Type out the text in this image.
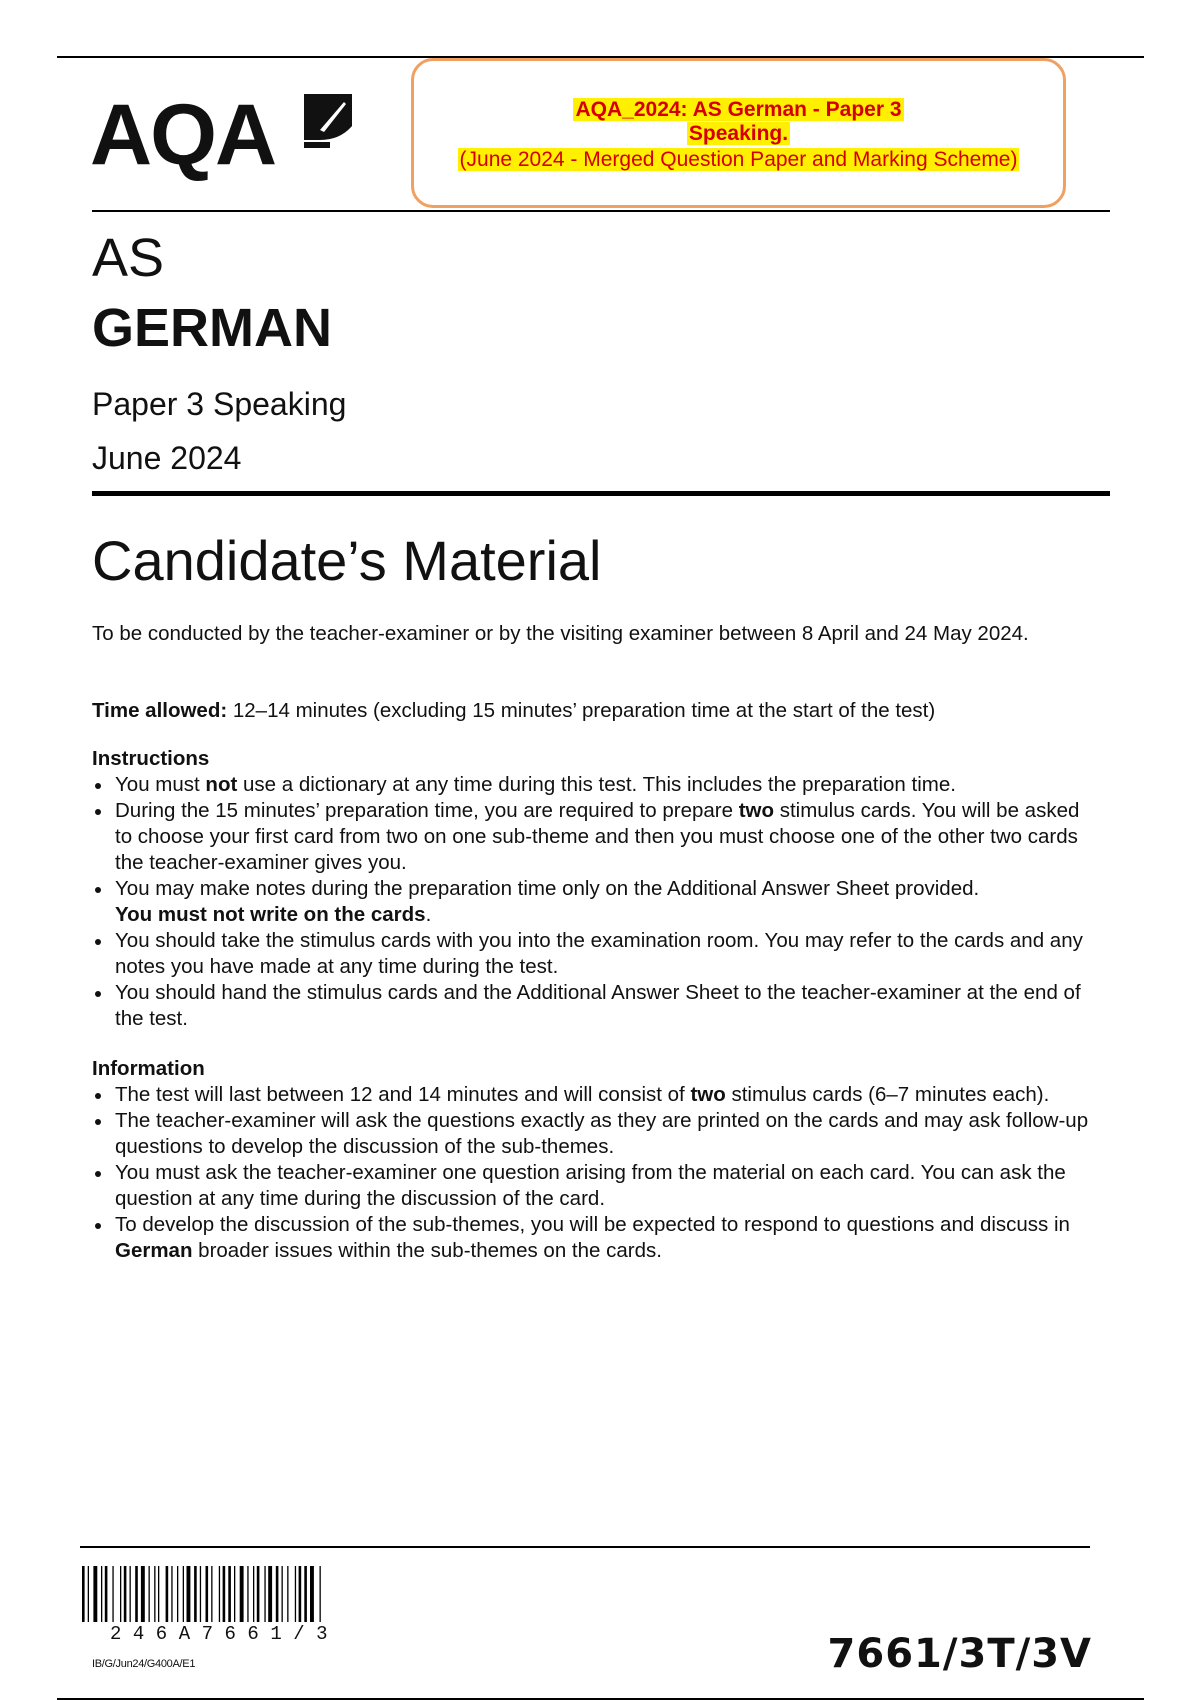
AQA	AQA_2024: AS German - Paper 3
Speaking.
(June 2024 - Merged Question Paper and Marking Scheme)
AS
GERMAN
Paper 3 Speaking
June 2024
Candidate’s Material
To be conducted by the teacher-examiner or by the visiting examiner between 8 April and 24 May 2024.
Time allowed: 12–14 minutes (excluding 15 minutes’ preparation time at the start of the test)
Instructions
You must not use a dictionary at any time during this test. This includes the preparation time.
During the 15 minutes’ preparation time, you are required to prepare two stimulus cards. You will be asked to choose your first card from two on one sub-theme and then you must choose one of the other two cards the teacher-examiner gives you.
You may make notes during the preparation time only on the Additional Answer Sheet provided.
You must not write on the cards.
You should take the stimulus cards with you into the examination room. You may refer to the cards and any notes you have made at any time during the test.
You should hand the stimulus cards and the Additional Answer Sheet to the teacher-examiner at the end of the test.
Information
The test will last between 12 and 14 minutes and will consist of two stimulus cards (6–7 minutes each).
The teacher-examiner will ask the questions exactly as they are printed on the cards and may ask follow-up questions to develop the discussion of the sub-themes.
You must ask the teacher-examiner one question arising from the material on each card. You can ask the question at any time during the discussion of the card.
To develop the discussion of the sub-themes, you will be expected to respond to questions and discuss in German broader issues within the sub-themes on the cards.
246A7661/3
IB/G/Jun24/G400A/E1	7661/3T/3V
